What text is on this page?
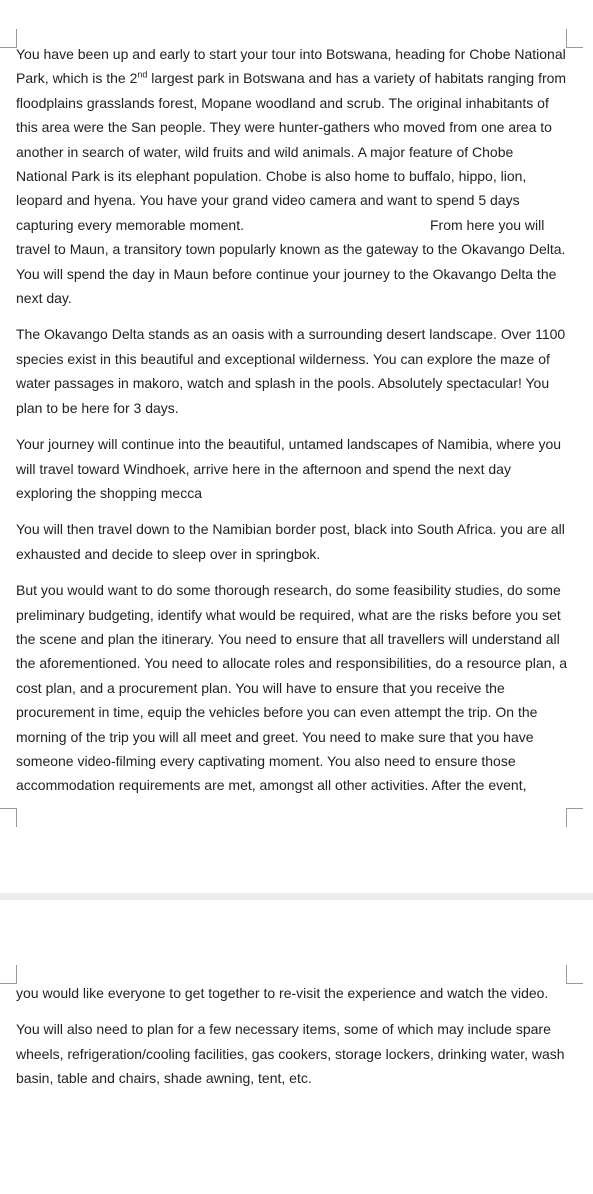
You have been up and early to start your tour into Botswana, heading for Chobe National Park, which is the 2nd largest park in Botswana and has a variety of habitats ranging from floodplains grasslands forest, Mopane woodland and scrub. The original inhabitants of this area were the San people. They were hunter-gathers who moved from one area to another in search of water, wild fruits and wild animals. A major feature of Chobe National Park is its elephant population. Chobe is also home to buffalo, hippo, lion, leopard and hyena. You have your grand video camera and want to spend 5 days capturing every memorable moment.	From here you will travel to Maun, a transitory town popularly known as the gateway to the Okavango Delta. You will spend the day in Maun before continue your journey to the Okavango Delta the next day.

The Okavango Delta stands as an oasis with a surrounding desert landscape. Over 1100 species exist in this beautiful and exceptional wilderness. You can explore the maze of water passages in makoro, watch and splash in the pools. Absolutely spectacular! You plan to be here for 3 days.

Your journey will continue into the beautiful, untamed landscapes of Namibia, where you will travel toward Windhoek, arrive here in the afternoon and spend the next day exploring the shopping mecca

You will then travel down to the Namibian border post, black into South Africa. you are all exhausted and decide to sleep over in springbok.

But you would want to do some thorough research, do some feasibility studies, do some preliminary budgeting, identify what would be required, what are the risks before you set the scene and plan the itinerary. You need to ensure that all travellers will understand all the aforementioned. You need to allocate roles and responsibilities, do a resource plan, a cost plan, and a procurement plan. You will have to ensure that you receive the procurement in time, equip the vehicles before you can even attempt the trip. On the morning of the trip you will all meet and greet. You need to make sure that you have someone video-filming every captivating moment. You also need to ensure those accommodation requirements are met, amongst all other activities. After the event,

you would like everyone to get together to re-visit the experience and watch the video.

You will also need to plan for a few necessary items, some of which may include spare wheels, refrigeration/cooling facilities, gas cookers, storage lockers, drinking water, wash basin, table and chairs, shade awning, tent, etc.
